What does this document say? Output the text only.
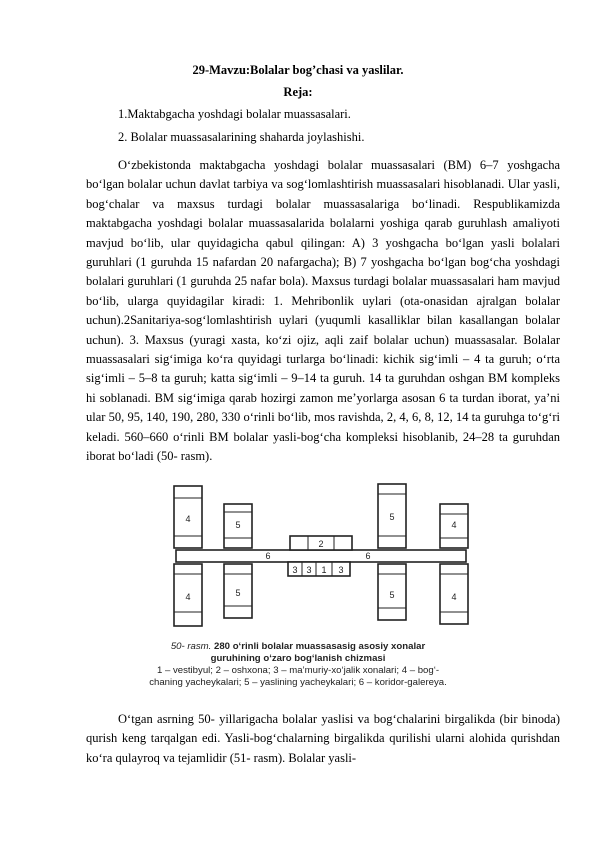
29-Mavzu:Bolalar bog’chasi va yaslilar.
Reja:
1.Maktabgacha yoshdagi bolalar muassasalari.
2. Bolalar muassasalarining shaharda joylashishi.
O‘zbekistonda maktabgacha yoshdagi bolalar muassasalari (BM) 6–7 yoshgacha bo‘lgan bolalar uchun davlat tarbiya va sog‘lomlashtirish muassasalari hisoblanadi. Ular yasli, bog‘chalar va maxsus turdagi bolalar muassasalariga bo‘linadi. Respublikamizda maktabgacha yoshdagi bolalar muassasalarida bolalarni yoshiga qarab guruhlash amaliyoti mavjud bo‘lib, ular quyidagicha qabul qilingan: A) 3 yoshgacha bo‘lgan yasli bolalari guruhlari (1 guruhda 15 nafardan 20 nafargacha); B) 7 yoshgacha bo‘lgan bog‘cha yoshdagi bolalari guruhlari (1 guruhda 25 nafar bola). Maxsus turdagi bolalar muassasalari ham mavjud bo‘lib, ularga quyidagilar kiradi: 1. Mehribonlik uylari (ota-onasidan ajralgan bolalar uchun).2Sanitariya-sog‘lomlashtirish uylari (yuqumli kasalliklar bilan kasallangan bolalar uchun). 3. Maxsus (yuragi xasta, ko‘zi ojiz, aqli zaif bolalar uchun) muassasalar. Bolalar muassasalari sig‘imiga ko‘ra quyidagi turlarga bo‘linadi: kichik sig‘imli – 4 ta guruh; o‘rta sig‘imli – 5–8 ta guruh; katta sig‘imli – 9–14 ta guruh. 14 ta guruhdan oshgan BM kompleks hi soblanadi. BM sig‘imiga qarab hozirgi zamon me’yorlarga asosan 6 ta turdan iborat, ya’ni ular 50, 95, 140, 190, 280, 330 o‘rinli bo‘lib, mos ravishda, 2, 4, 6, 8, 12, 14 ta guruhga to‘g‘ri keladi. 560–660 o‘rinli BM bolalar yasli-bog‘cha kompleksi hisoblanib, 24–28 ta guruhdan iborat bo‘ladi (50- rasm).
4
5
5
4
4	5	5	4
2
6	6
3 3 1 3
50- rasm. 280 o‘rinli bolalar muassasasig asosiy xonalar
guruhining o‘zaro bog‘lanish chizmasi
1 – vestibyul; 2 – oshxona; 3 – ma’muriy-xo‘jalik xonalari; 4 – bog‘-
chaning yacheykalari; 5 – yaslining yacheykalari; 6 – koridor-galereya.
O‘tgan asrning 50- yillarigacha bolalar yaslisi va bog‘chalarini birgalikda (bir binoda) qurish keng tarqalgan edi. Yasli-bog‘chalarning birgalikda qurilishi ularni alohida qurishdan ko‘ra qulayroq va tejamlidir (51- rasm). Bolalar yasli-
